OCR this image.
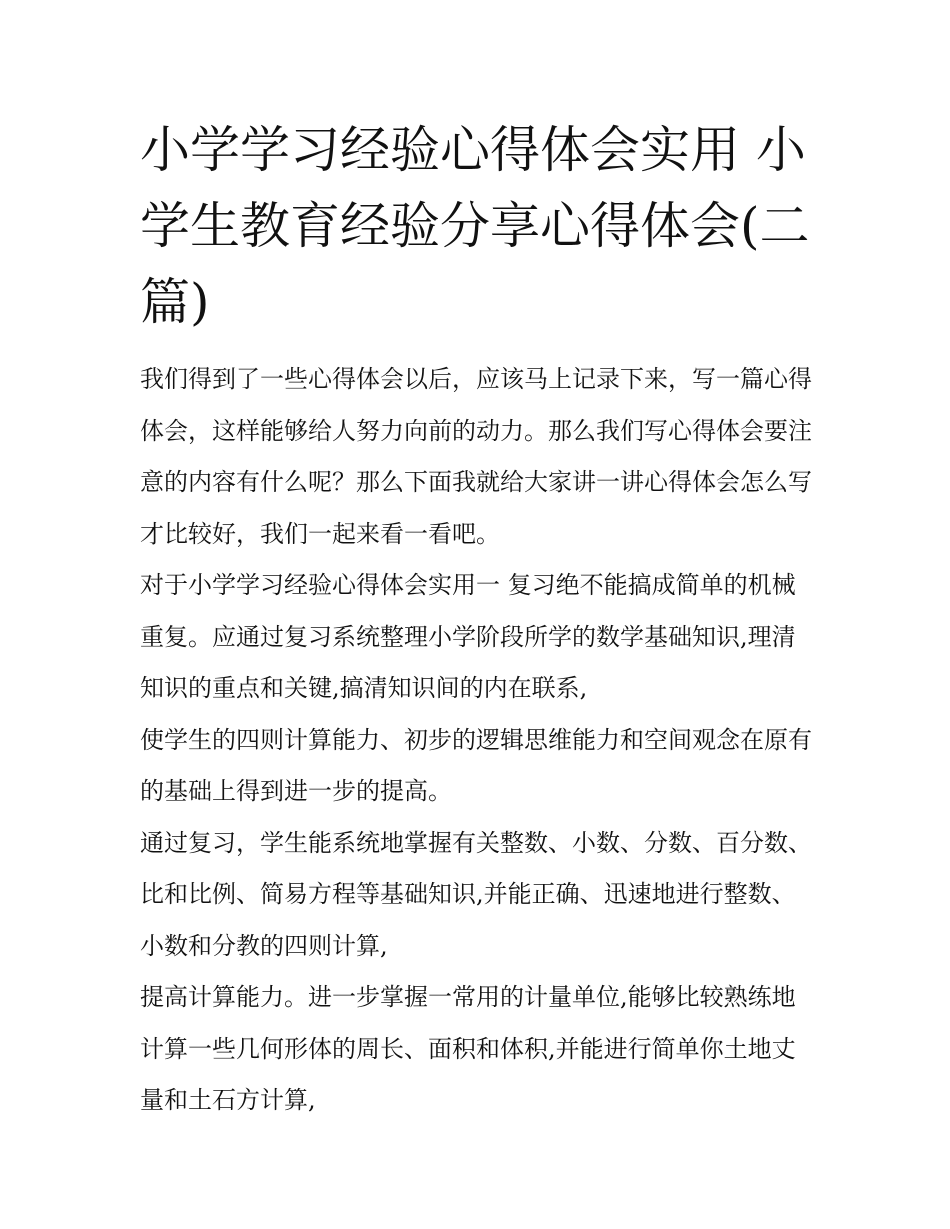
小学学习经验心得体会实用 小学生教育经验分享心得体会(二篇)

我们得到了一些心得体会以后，应该马上记录下来，写一篇心得体会，这样能够给人努力向前的动力。那么我们写心得体会要注意的内容有什么呢？那么下面我就给大家讲一讲心得体会怎么写才比较好，我们一起来看一看吧。

对于小学学习经验心得体会实用一 复习绝不能搞成简单的机械重复。应通过复习系统整理小学阶段所学的数学基础知识,理清知识的重点和关键,搞清知识间的内在联系,

使学生的四则计算能力、初步的逻辑思维能力和空间观念在原有的基础上得到进一步的提高。

通过复习，学生能系统地掌握有关整数、小数、分数、百分数、比和比例、简易方程等基础知识,并能正确、迅速地进行整数、小数和分教的四则计算,

提高计算能力。进一步掌握一常用的计量单位,能够比较熟练地计算一些几何形体的周长、面积和体积,并能进行简单你土地丈量和土石方计算,
